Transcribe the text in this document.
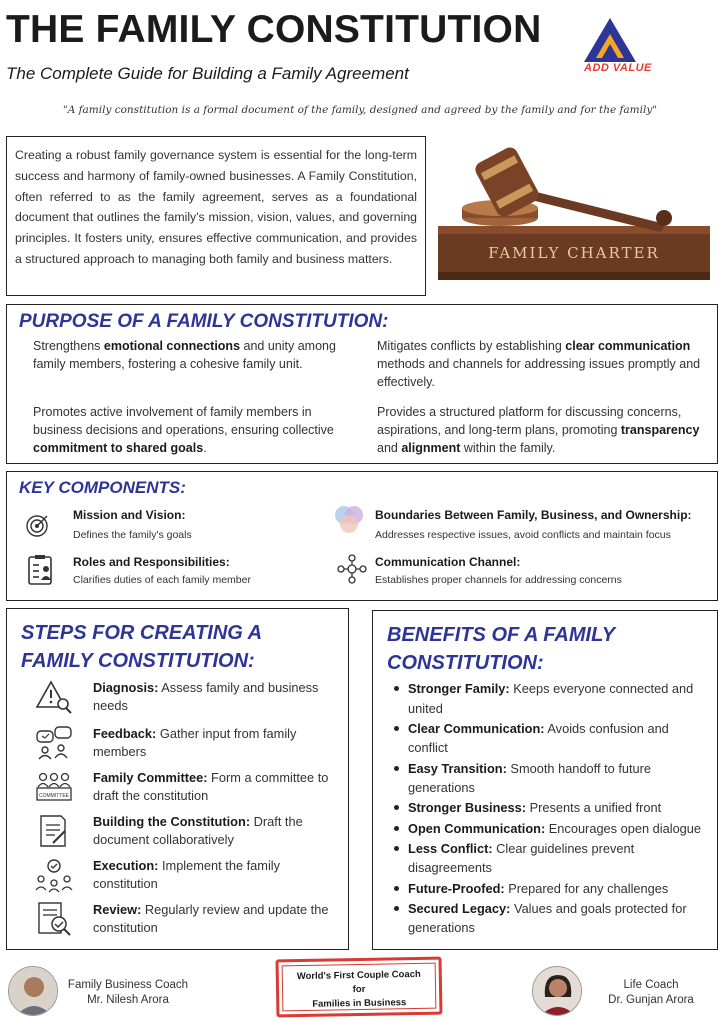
THE FAMILY CONSTITUTION
The Complete Guide for Building a Family Agreement	ADD VALUE
"A family constitution is a formal document of the family, designed and agreed by the family and for the family"
Creating a robust family governance system is essential for the long-term success and harmony of family-owned businesses. A Family Constitution, often referred to as the family agreement, serves as a foundational document that outlines the family's mission, vision, values, and governing principles. It fosters unity, ensures effective communication, and provides a structured approach to managing both family and business matters.	FAMILY CHARTER
PURPOSE OF A FAMILY CONSTITUTION:
Strengthens emotional connections and unity among family members, fostering a cohesive family unit.
Mitigates conflicts by establishing clear communication methods and channels for addressing issues promptly and effectively.
Promotes active involvement of family members in business decisions and operations, ensuring collective commitment to shared goals.
Provides a structured platform for discussing concerns, aspirations, and long-term plans, promoting transparency and alignment within the family.
KEY COMPONENTS:
Mission and Vision:
Defines the family's goals
Boundaries Between Family, Business, and Ownership:
Addresses respective issues, avoid conflicts and maintain focus
Roles and Responsibilities:
Clarifies duties of each family member
Communication Channel:
Establishes proper channels for addressing concerns
STEPS FOR CREATING A FAMILY CONSTITUTION:
Diagnosis: Assess family and business needs
Feedback: Gather input from family members
COMMITTEE
Family Committee: Form a committee to draft the constitution
Building the Constitution: Draft the document collaboratively
Execution: Implement the family constitution
Review: Regularly review and update the constitution
BENEFITS OF A FAMILY CONSTITUTION:
Stronger Family: Keeps everyone connected and united
Clear Communication: Avoids confusion and conflict
Easy Transition: Smooth handoff to future generations
Stronger Business: Presents a unified front
Open Communication: Encourages open dialogue
Less Conflict: Clear guidelines prevent disagreements
Future-Proofed: Prepared for any challenges
Secured Legacy: Values and goals protected for generations
Family Business Coach
Mr. Nilesh Arora
World's First Couple Coach
for
Families in Business
Life Coach
Dr. Gunjan Arora
